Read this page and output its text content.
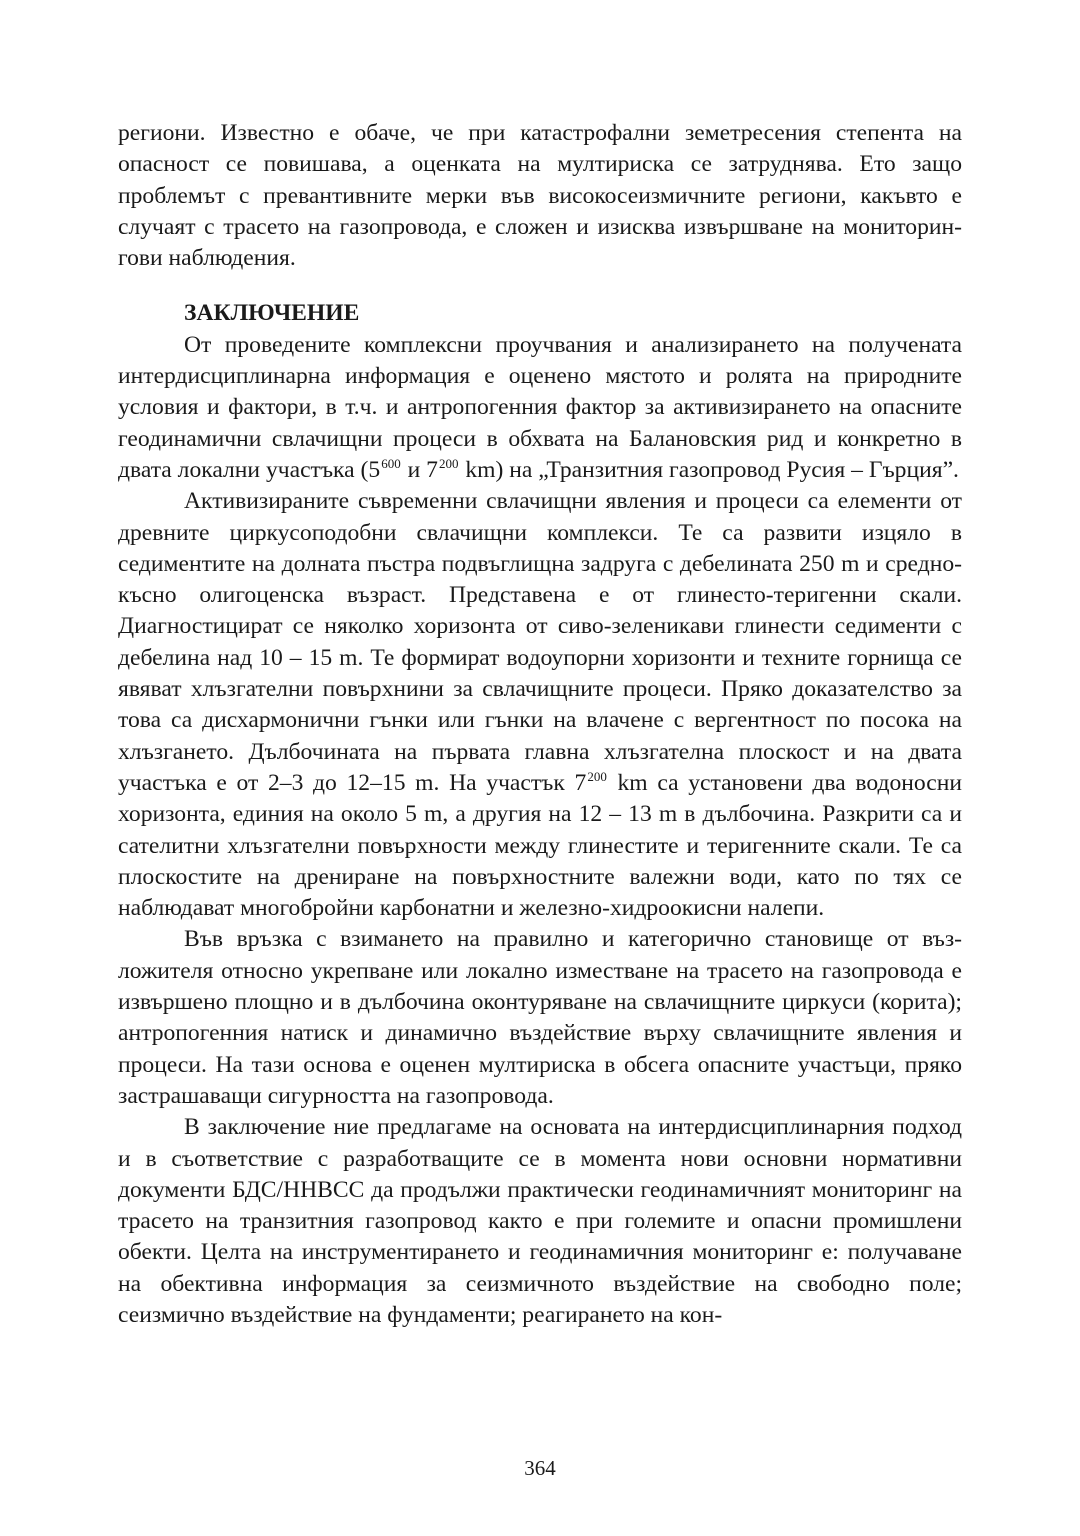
региони. Известно е обаче, че при катастрофални земетресения степента на опасност се повишава, а оценката на мултириска се затруднява. Ето защо проблемът с превантивните мерки във високосеизмичните региони, какъвто е случаят с трасето на газопровода, е сложен и изисква извършване на мониторингови наблюдения.

ЗАКЛЮЧЕНИЕ

От проведените комплексни проучвания и анализирането на получената интердисциплинарна информация е оценено мястото и ролята на природните условия и фактори, в т.ч. и антропогенния фактор за активизирането на опасните геодинамични свлачищни процеси в обхвата на Балановския рид и конкретно в двата локални участъка ($5^{600}$ и $7^{200}$ km) на „Транзитния газопровод Русия – Гърция”.

Активизираните съвременни свлачищни явления и процеси са елементи от древните циркусоподобни свлачищни комплекси. Те са развити изцяло в седиментите на долната пъстра подвъглищна задруга с дебелината 250 m и средно-късно олигоценска възраст. Представена е от глинесто-теригенни скали. Диагностицират се няколко хоризонта от сиво-зеленикави глинести седименти с дебелина над 10 – 15 m. Те формират водоупорни хоризонти и техните горнища се явяват хлъзгателни повърхнини за свлачищните процеси. Пряко доказателство за това са дисхармонични гънки или гънки на влачене с вергентност по посока на хлъзгането. Дълбочината на първата главна хлъзгателна плоскост и на двата участъка е от 2–3 до 12–15 m. На участък $7^{200}$ km са установени два водоносни хоризонта, единия на около 5 m, а другия на 12 – 13 m в дълбочина. Разкрити са и сателитни хлъзгателни повърхности между глинестите и теригенните скали. Те са плоскостите на дрениране на повърхностните валежни води, като по тях се наблюдават многобройни карбонатни и железно-хидроокисни налепи.

Във връзка с взимането на правилно и категорично становище от възложителя относно укрепване или локално изместване на трасето на газопровода е извършено площно и в дълбочина оконтуряване на свлачищните циркуси (корита); антропогенния натиск и динамично въздействие върху свлачищните явления и процеси. На тази основа е оценен мултириска в обсега опасните участъци, пряко застрашаващи сигурността на газопровода.

В заключение ние предлагаме на основата на интердисциплинарния подход и в съответствие с разработващите се в момента нови основни нормативни документи БДС/ННВСС да продължи практически геодинамичният мониторинг на трасето на транзитния газопровод както е при големите и опасни промишлени обекти. Целта на инструментирането и геодинамичния мониторинг е: получаване на обективна информация за сеизмичното въздействие на свободно поле; сеизмично въздействие на фундаменти; реагирането на кон-

364
